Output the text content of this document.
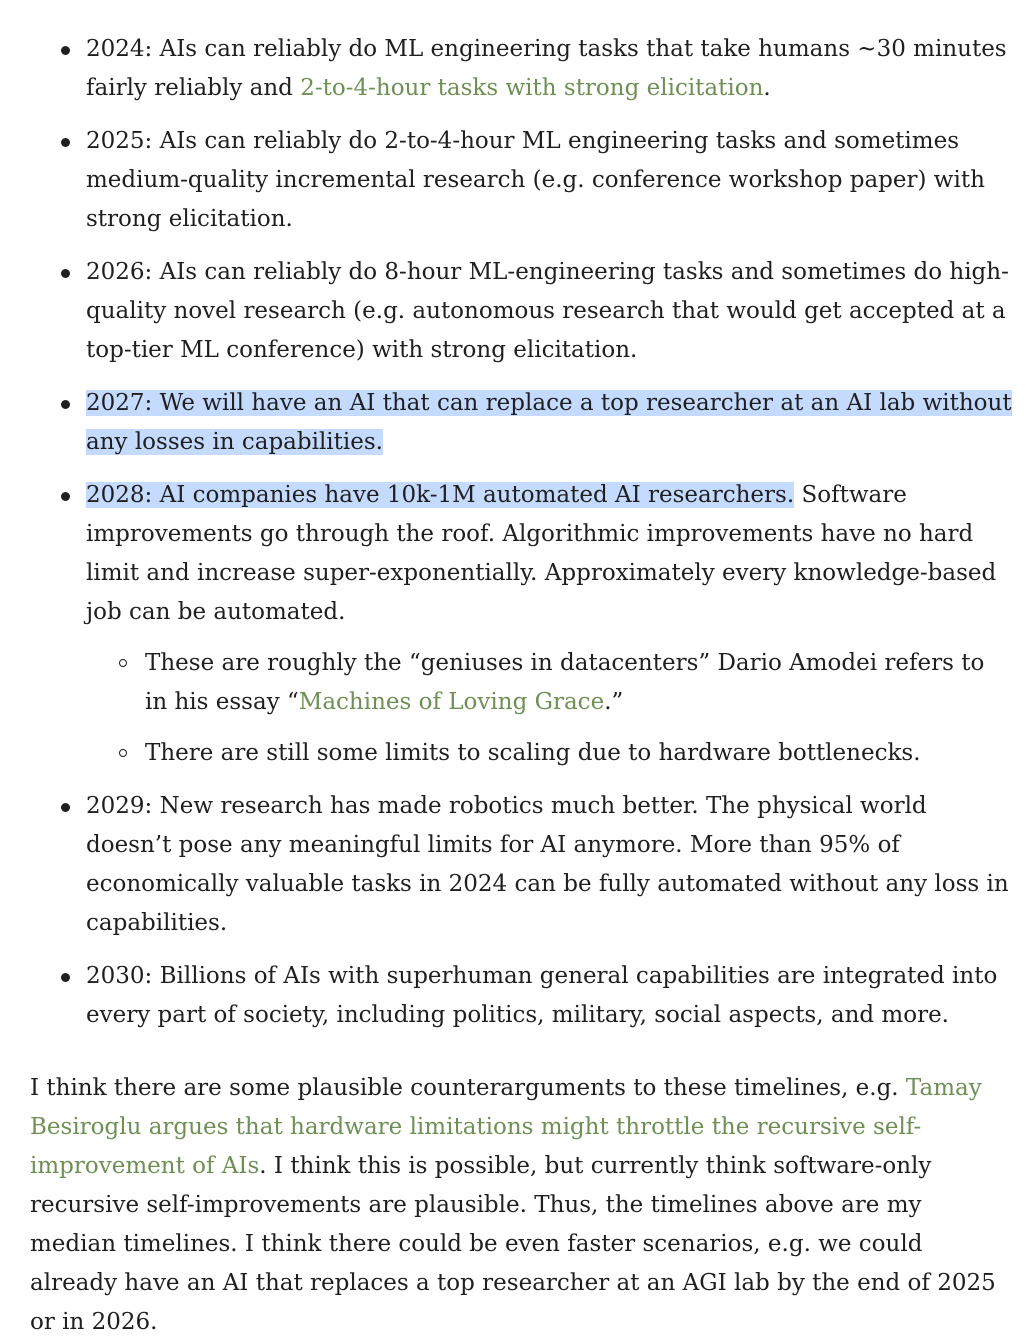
2024: AIs can reliably do ML engineering tasks that take humans ~30 minutes fairly reliably and 2-to-4-hour tasks with strong elicitation.
2025: AIs can reliably do 2-to-4-hour ML engineering tasks and sometimes medium-quality incremental research (e.g. conference workshop paper) with strong elicitation.
2026: AIs can reliably do 8-hour ML-engineering tasks and sometimes do high-quality novel research (e.g. autonomous research that would get accepted at a top-tier ML conference) with strong elicitation.
2027: We will have an AI that can replace a top researcher at an AI lab without any losses in capabilities.
2028: AI companies have 10k-1M automated AI researchers. Software improvements go through the roof. Algorithmic improvements have no hard limit and increase super-exponentially. Approximately every knowledge-based job can be automated.
These are roughly the “geniuses in datacenters” Dario Amodei refers to in his essay “Machines of Loving Grace.”
There are still some limits to scaling due to hardware bottlenecks.
2029: New research has made robotics much better. The physical world doesn’t pose any meaningful limits for AI anymore. More than 95% of economically valuable tasks in 2024 can be fully automated without any loss in capabilities.
2030: Billions of AIs with superhuman general capabilities are integrated into every part of society, including politics, military, social aspects, and more.

I think there are some plausible counterarguments to these timelines, e.g. Tamay Besiroglu argues that hardware limitations might throttle the recursive self-improvement of AIs. I think this is possible, but currently think software-only recursive self-improvements are plausible. Thus, the timelines above are my median timelines. I think there could be even faster scenarios, e.g. we could already have an AI that replaces a top researcher at an AGI lab by the end of 2025 or in 2026.
